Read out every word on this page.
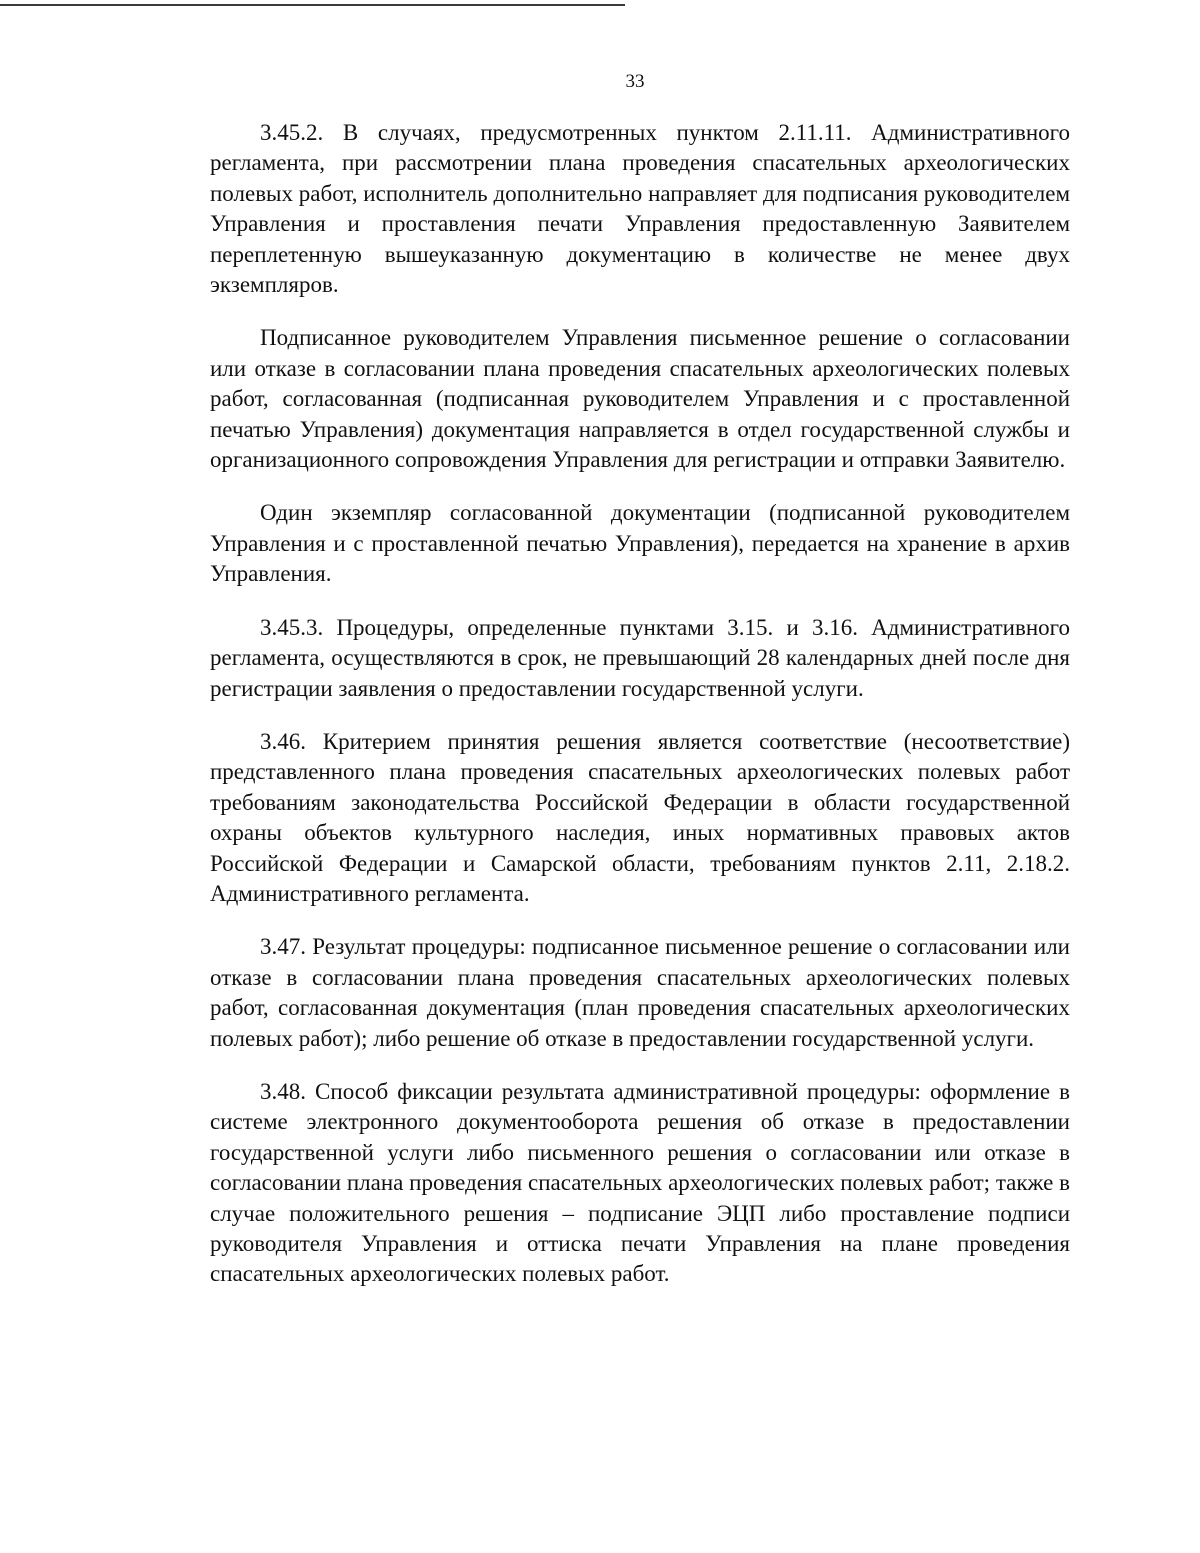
33

3.45.2. В случаях, предусмотренных пунктом 2.11.11. Административного регламента, при рассмотрении плана проведения спасательных археологических полевых работ, исполнитель дополнительно направляет для подписания руководителем Управления и проставления печати Управления предоставленную Заявителем переплетенную вышеуказанную документацию в количестве не менее двух экземпляров.

Подписанное руководителем Управления письменное решение о согласовании или отказе в согласовании плана проведения спасательных археологических полевых работ, согласованная (подписанная руководителем Управления и с проставленной печатью Управления) документация направляется в отдел государственной службы и организационного сопровождения Управления для регистрации и отправки Заявителю.

Один экземпляр согласованной документации (подписанной руководителем Управления и с проставленной печатью Управления), передается на хранение в архив Управления.

3.45.3. Процедуры, определенные пунктами 3.15. и 3.16. Административного регламента, осуществляются в срок, не превышающий 28 календарных дней после дня регистрации заявления о предоставлении государственной услуги.

3.46. Критерием принятия решения является соответствие (несоответствие) представленного плана проведения спасательных археологических полевых работ требованиям законодательства Российской Федерации в области государственной охраны объектов культурного наследия, иных нормативных правовых актов Российской Федерации и Самарской области, требованиям пунктов 2.11, 2.18.2. Административного регламента.

3.47. Результат процедуры: подписанное письменное решение о согласовании или отказе в согласовании плана проведения спасательных археологических полевых работ, согласованная документация (план проведения спасательных археологических полевых работ); либо решение об отказе в предоставлении государственной услуги.

3.48. Способ фиксации результата административной процедуры: оформление в системе электронного документооборота решения об отказе в предоставлении государственной услуги либо письменного решения о согласовании или отказе в согласовании плана проведения спасательных археологических полевых работ; также в случае положительного решения – подписание ЭЦП либо проставление подписи руководителя Управления и оттиска печати Управления на плане проведения спасательных археологических полевых работ.
